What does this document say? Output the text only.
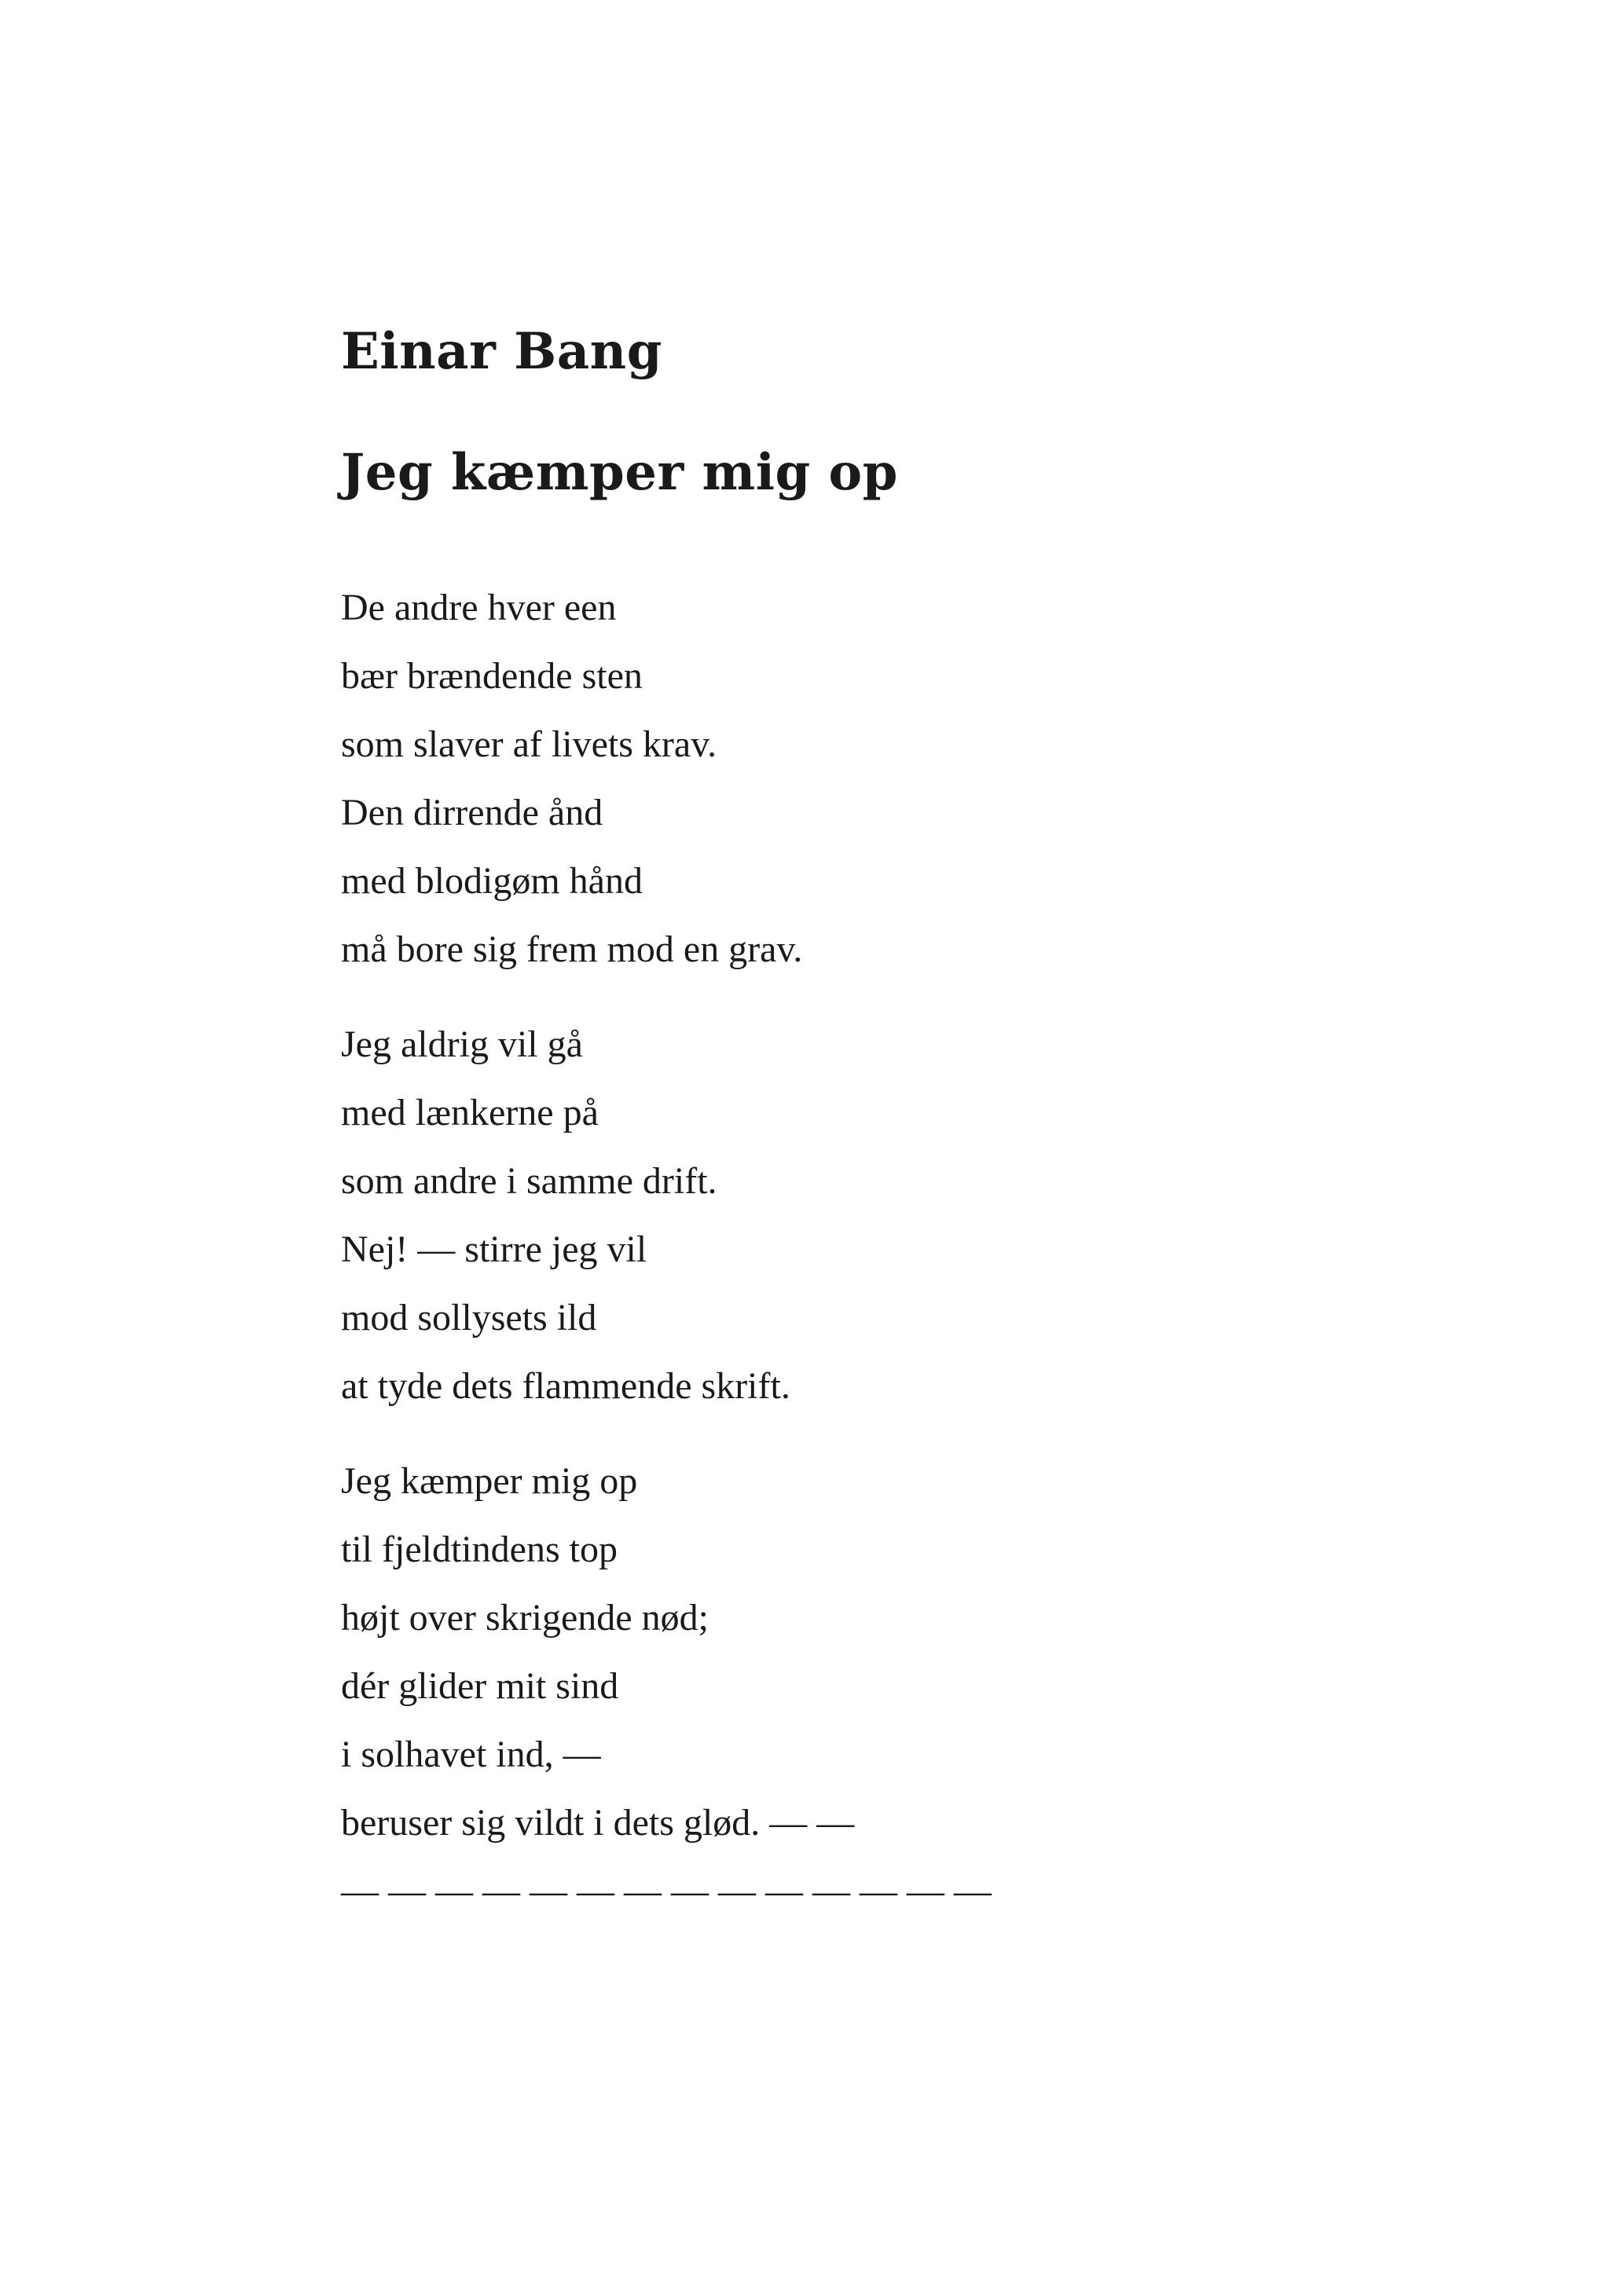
Einar Bang
Jeg kæmper mig op
De andre hver een
bær brændende sten
som slaver af livets krav.
Den dirrende ånd
med blodigøm hånd
må bore sig frem mod en grav.
Jeg aldrig vil gå
med lænkerne på
som andre i samme drift.
Nej! — stirre jeg vil
mod sollysets ild
at tyde dets flammende skrift.
Jeg kæmper mig op
til fjeldtindens top
højt over skrigende nød;
dér glider mit sind
i solhavet ind, —
beruser sig vildt i dets glød. — —
— — — — — — — — — — — — — —
